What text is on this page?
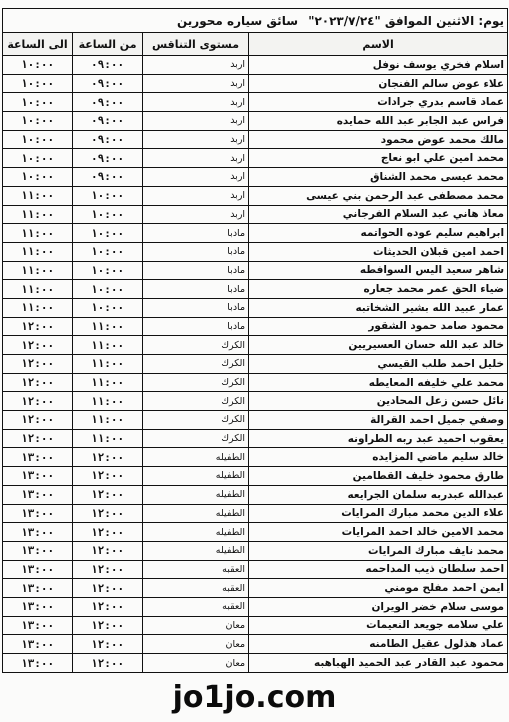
يوم: الاثنين الموافق "٢٠٢٣/٧/٢٤" سائق سياره محورين			
الاسم	مستوى التناقس	من الساعة	الى الساعة
اسلام فخري يوسف نوفل	اربد	٠٩:٠٠	١٠:٠٠
علاء عوض سالم الفنجان	اربد	٠٩:٠٠	١٠:٠٠
عماد قاسم بدري جرادات	اربد	٠٩:٠٠	١٠:٠٠
فراس عبد الجابر عبد الله حمايده	اربد	٠٩:٠٠	١٠:٠٠
مالك محمد عوض محمود	اربد	٠٩:٠٠	١٠:٠٠
محمد امين علي ابو نعاج	اربد	٠٩:٠٠	١٠:٠٠
محمد عيسى محمد الشناق	اربد	٠٩:٠٠	١٠:٠٠
محمد مصطفى عبد الرحمن بني عيسى	اربد	١٠:٠٠	١١:٠٠
معاذ هاني عبد السلام الفرجاني	اربد	١٠:٠٠	١١:٠٠
ابراهيم سليم عوده الحواتمه	مادبا	١٠:٠٠	١١:٠٠
احمد امين قبلان الحديثات	مادبا	١٠:٠٠	١١:٠٠
شاهر سعيد اليس السوافطه	مادبا	١٠:٠٠	١١:٠٠
ضياء الحق عمر محمد جعاره	مادبا	١٠:٠٠	١١:٠٠
عمار عبيد الله بشير الشخاتبه	مادبا	١٠:٠٠	١١:٠٠
محمود صامد حمود الشقور	مادبا	١١:٠٠	١٢:٠٠
خالد عبد الله حسان العسيريين	الكرك	١١:٠٠	١٢:٠٠
خليل احمد طلب القيسي	الكرك	١١:٠٠	١٢:٠٠
محمد علي خليفه المعايطه	الكرك	١١:٠٠	١٢:٠٠
نائل حسن زعل المحادين	الكرك	١١:٠٠	١٢:٠٠
وصفي جميل احمد القرالة	الكرك	١١:٠٠	١٢:٠٠
يعقوب احميد عبد ربه الطراونه	الكرك	١١:٠٠	١٢:٠٠
خالد سليم ماضي المزايده	الطفيله	١٢:٠٠	١٣:٠٠
طارق محمود خليف القطامين	الطفيله	١٢:٠٠	١٣:٠٠
عبدالله عبدربه سلمان الجرايعه	الطفيله	١٢:٠٠	١٣:٠٠
علاء الدين محمد مبارك المرايات	الطفيله	١٢:٠٠	١٣:٠٠
محمد الامين خالد احمد المرايات	الطفيله	١٢:٠٠	١٣:٠٠
محمد نايف مبارك المرايات	الطفيله	١٢:٠٠	١٣:٠٠
احمد سلطان ذيب المداحمه	العقبه	١٢:٠٠	١٣:٠٠
ايمن احمد مفلح مومني	العقبه	١٢:٠٠	١٣:٠٠
موسى سلام خضر الويران	العقبه	١٢:٠٠	١٣:٠٠
علي سلامه جويعد النعيمات	معان	١٢:٠٠	١٣:٠٠
عماد هذلول عقيل الطامنه	معان	١٢:٠٠	١٣:٠٠
محمود عبد القادر عبد الحميد الهباهبه	معان	١٢:٠٠	١٣:٠٠
jo1jo.com
